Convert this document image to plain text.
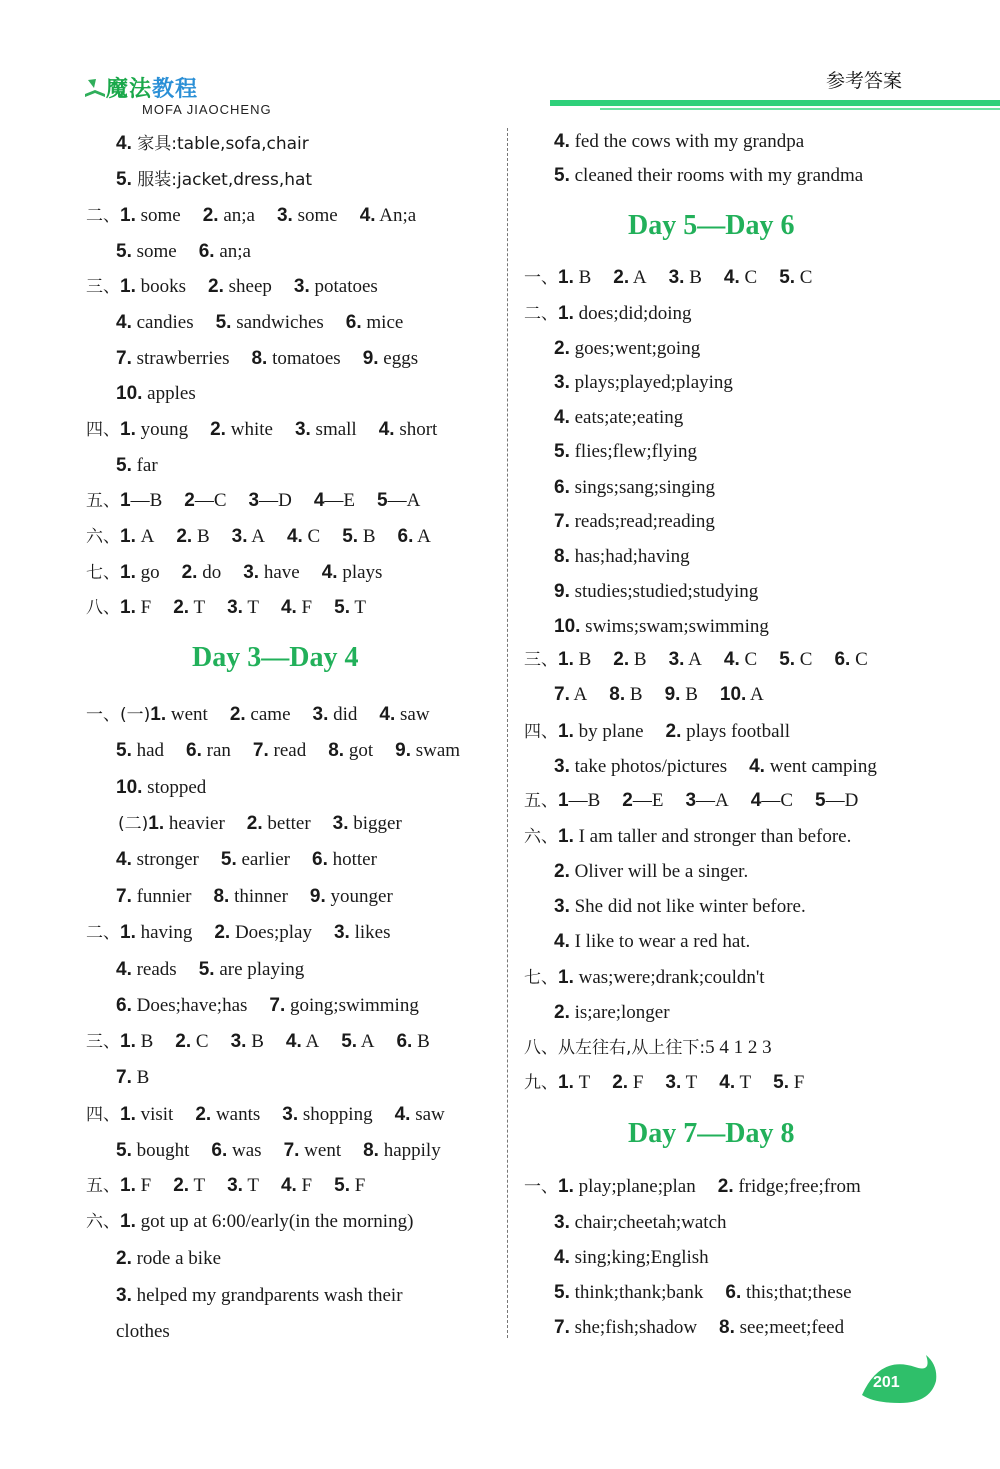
魔法教程
MOFA JIAOCHENG
参考答案
4. 家具:table,sofa,chair
5. 服装:jacket,dress,hat
二、1. some 2. an;a 3. some 4. An;a
5. some 6. an;a
三、1. books 2. sheep 3. potatoes
4. candies 5. sandwiches 6. mice
7. strawberries 8. tomatoes 9. eggs
10. apples
四、1. young 2. white 3. small 4. short
5. far
五、1—B 2—C 3—D 4—E 5—A
六、1. A 2. B 3. A 4. C 5. B 6. A
七、1. go 2. do 3. have 4. plays
八、1. F 2. T 3. T 4. F 5. T
Day 3—Day 4
一、(一)1. went 2. came 3. did 4. saw
5. had 6. ran 7. read 8. got 9. swam
10. stopped
(二)1. heavier 2. better 3. bigger
4. stronger 5. earlier 6. hotter
7. funnier 8. thinner 9. younger
二、1. having 2. Does;play 3. likes
4. reads 5. are playing
6. Does;have;has 7. going;swimming
三、1. B 2. C 3. B 4. A 5. A 6. B
7. B
四、1. visit 2. wants 3. shopping 4. saw
5. bought 6. was 7. went 8. happily
五、1. F 2. T 3. T 4. F 5. F
六、1. got up at 6:00/early(in the morning)
2. rode a bike
3. helped my grandparents wash their
clothes
4. fed the cows with my grandpa
5. cleaned their rooms with my grandma
Day 5—Day 6
一、1. B 2. A 3. B 4. C 5. C
二、1. does;did;doing
2. goes;went;going
3. plays;played;playing
4. eats;ate;eating
5. flies;flew;flying
6. sings;sang;singing
7. reads;read;reading
8. has;had;having
9. studies;studied;studying
10. swims;swam;swimming
三、1. B 2. B 3. A 4. C 5. C 6. C
7. A 8. B 9. B 10. A
四、1. by plane 2. plays football
3. take photos/pictures 4. went camping
五、1—B 2—E 3—A 4—C 5—D
六、1. I am taller and stronger than before.
2. Oliver will be a singer.
3. She did not like winter before.
4. I like to wear a red hat.
七、1. was;were;drank;couldn't
2. is;are;longer
八、从左往右,从上往下:5 4 1 2 3
九、1. T 2. F 3. T 4. T 5. F
Day 7—Day 8
一、1. play;plane;plan 2. fridge;free;from
3. chair;cheetah;watch
4. sing;king;English
5. think;thank;bank 6. this;that;these
7. she;fish;shadow 8. see;meet;feed
201
